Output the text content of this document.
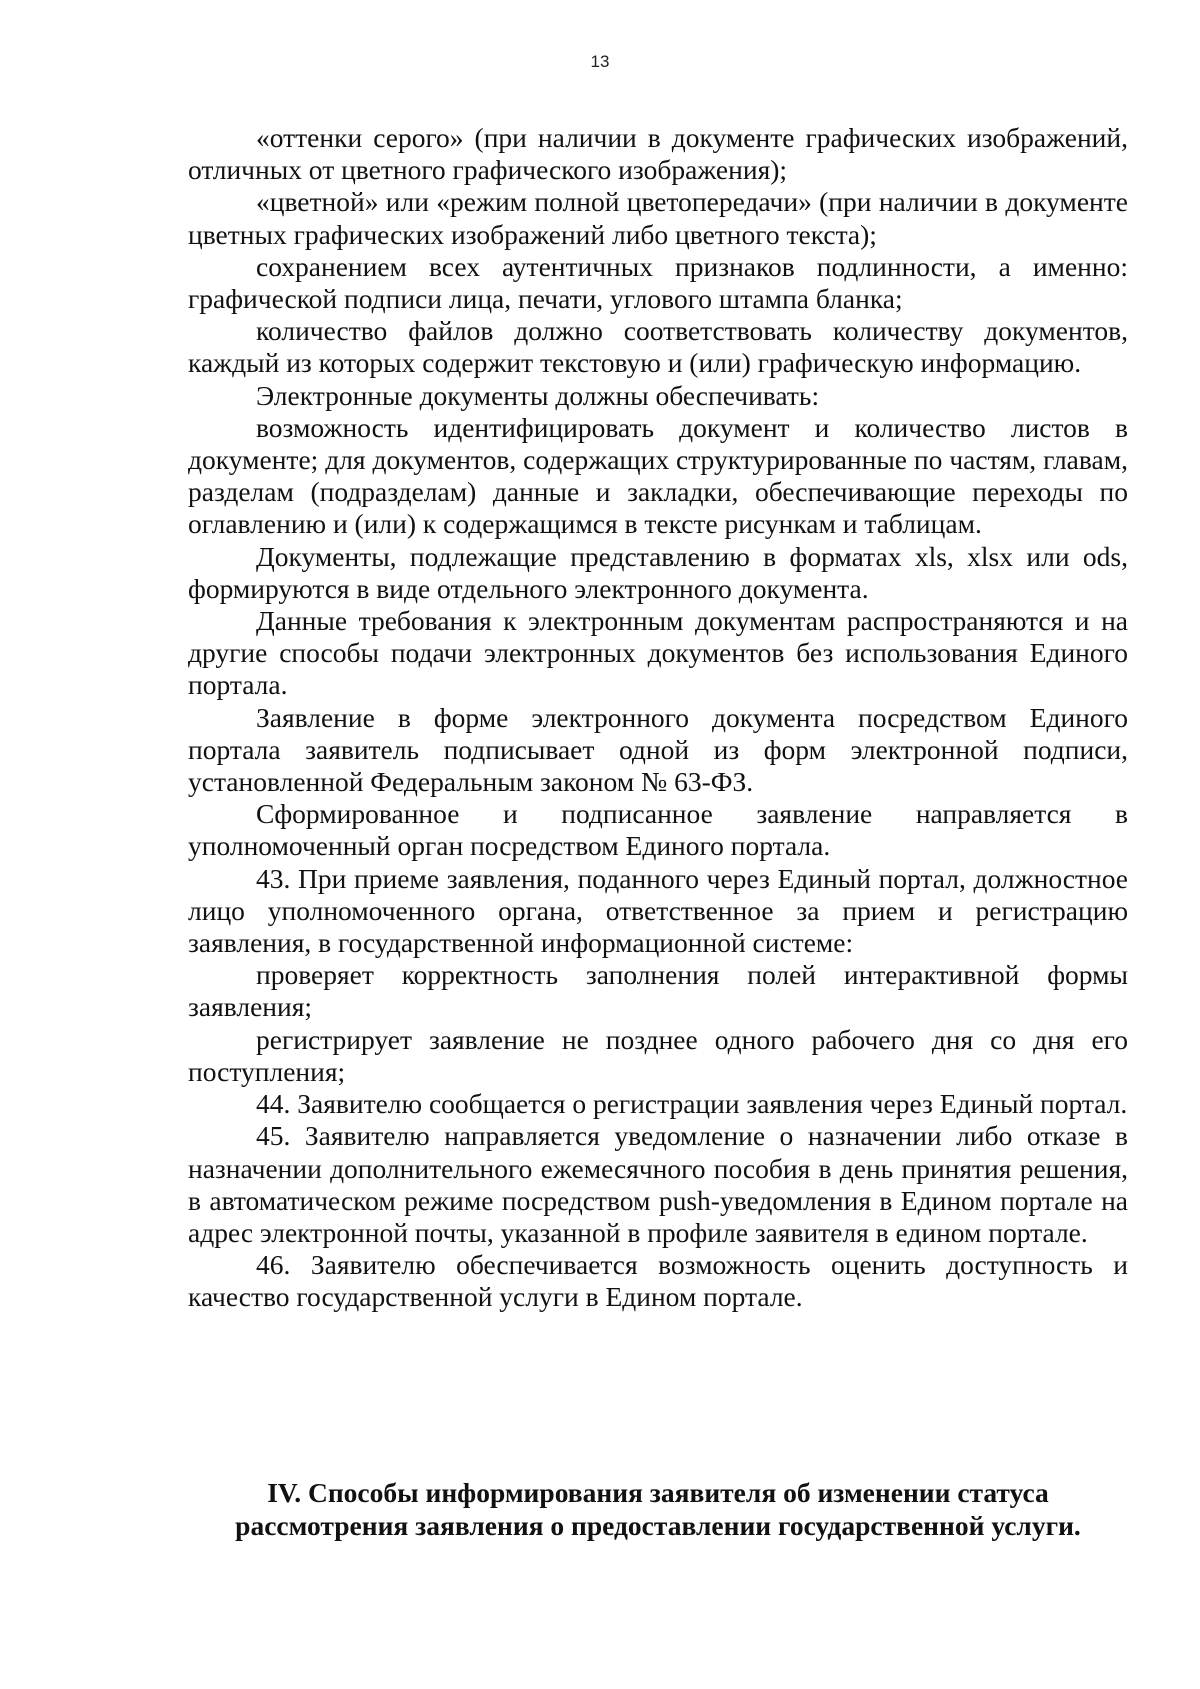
13

«оттенки серого» (при наличии в документе графических изображений, отличных от цветного графического изображения);

«цветной» или «режим полной цветопередачи» (при наличии в документе цветных графических изображений либо цветного текста);

сохранением всех аутентичных признаков подлинности, а именно: графической подписи лица, печати, углового штампа бланка;

количество файлов должно соответствовать количеству документов, каждый из которых содержит текстовую и (или) графическую информацию.

Электронные документы должны обеспечивать:

возможность идентифицировать документ и количество листов в документе; для документов, содержащих структурированные по частям, главам, разделам (подразделам) данные и закладки, обеспечивающие переходы по оглавлению и (или) к содержащимся в тексте рисункам и таблицам.

Документы, подлежащие представлению в форматах xls, xlsx или ods, формируются в виде отдельного электронного документа.

Данные требования к электронным документам распространяются и на другие способы подачи электронных документов без использования Единого портала.

Заявление в форме электронного документа посредством Единого портала заявитель подписывает одной из форм электронной подписи, установленной Федеральным законом № 63-ФЗ.

Сформированное и подписанное заявление направляется в уполномоченный орган посредством Единого портала.

43. При приеме заявления, поданного через Единый портал, должностное лицо уполномоченного органа, ответственное за прием и регистрацию заявления, в государственной информационной системе:

проверяет корректность заполнения полей интерактивной формы заявления;

регистрирует заявление не позднее одного рабочего дня со дня его поступления;

44. Заявителю сообщается о регистрации заявления через Единый портал.

45. Заявителю направляется уведомление о назначении либо отказе в назначении дополнительного ежемесячного пособия в день принятия решения, в автоматическом режиме посредством push-уведомления в Едином портале на адрес электронной почты, указанной в профиле заявителя в едином портале.

46. Заявителю обеспечивается возможность оценить доступность и качество государственной услуги в Едином портале.

IV. Способы информирования заявителя об изменении статуса рассмотрения заявления о предоставлении государственной услуги.
